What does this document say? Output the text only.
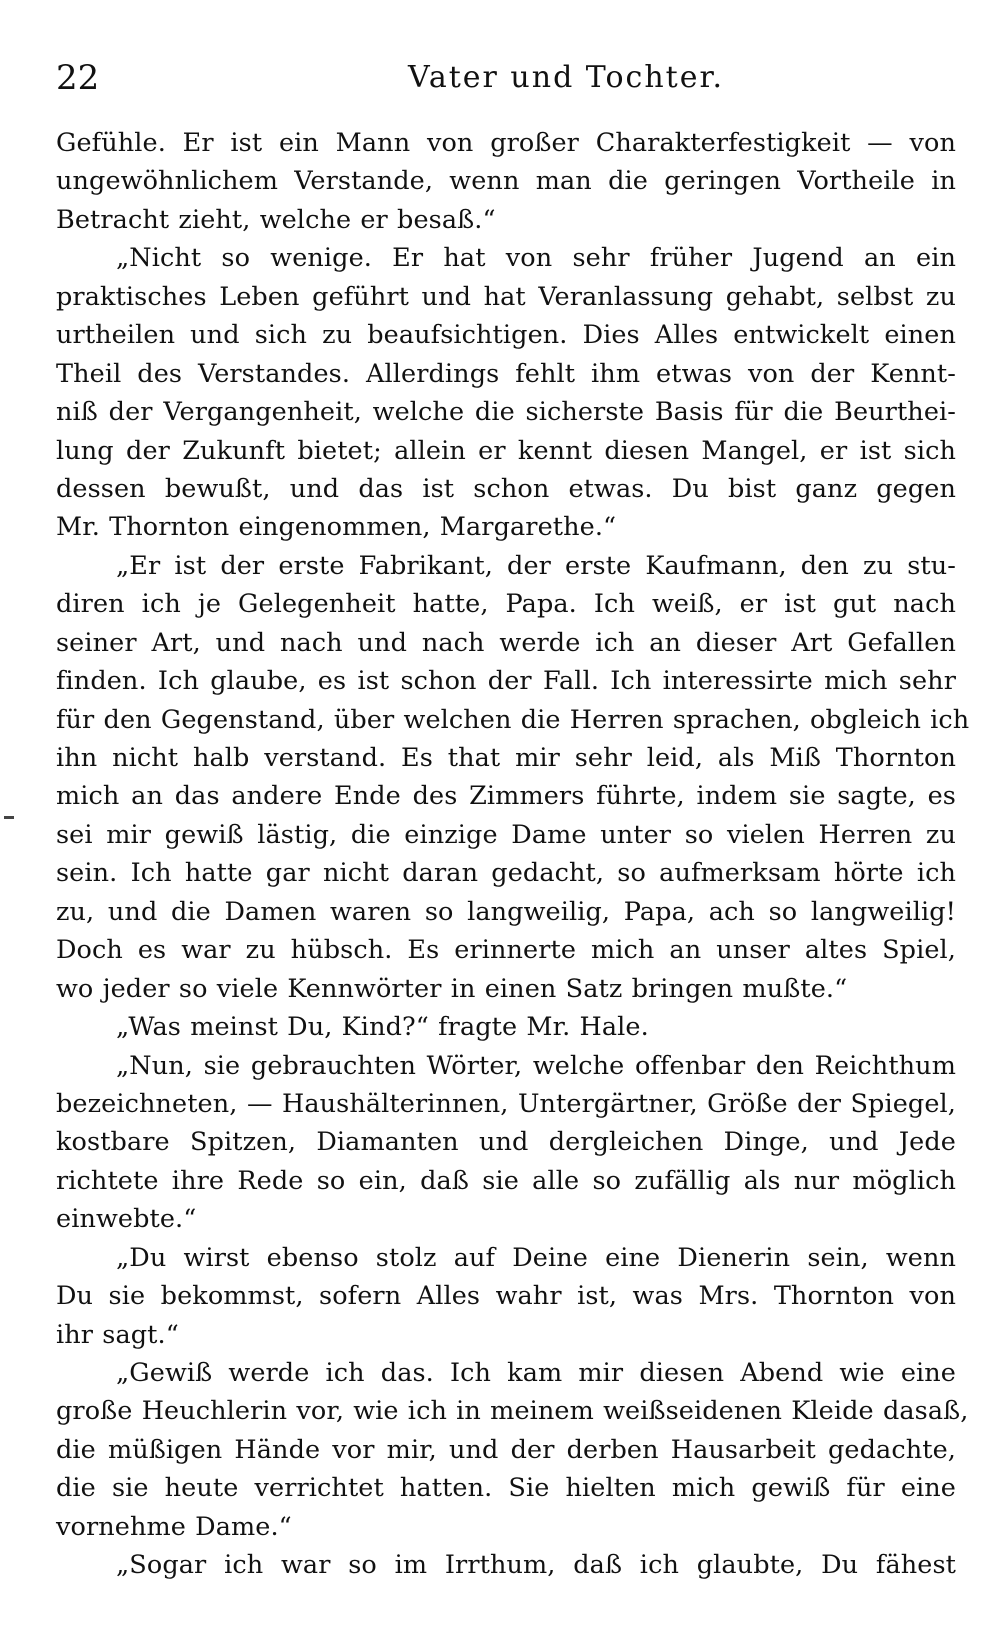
22	Vater und Tochter.
Gefühle. Er ist ein Mann von großer Charakterfestigkeit — von
ungewöhnlichem Verstande, wenn man die geringen Vortheile in
Betracht zieht, welche er besaß.“
„Nicht so wenige. Er hat von sehr früher Jugend an ein
praktisches Leben geführt und hat Veranlassung gehabt, selbst zu
urtheilen und sich zu beaufsichtigen. Dies Alles entwickelt einen
Theil des Verstandes. Allerdings fehlt ihm etwas von der Kennt-
niß der Vergangenheit, welche die sicherste Basis für die Beurthei-
lung der Zukunft bietet; allein er kennt diesen Mangel, er ist sich
dessen bewußt, und das ist schon etwas. Du bist ganz gegen
Mr. Thornton eingenommen, Margarethe.“
„Er ist der erste Fabrikant, der erste Kaufmann, den zu stu-
diren ich je Gelegenheit hatte, Papa. Ich weiß, er ist gut nach
seiner Art, und nach und nach werde ich an dieser Art Gefallen
finden. Ich glaube, es ist schon der Fall. Ich interessirte mich sehr
für den Gegenstand, über welchen die Herren sprachen, obgleich ich
ihn nicht halb verstand. Es that mir sehr leid, als Miß Thornton
mich an das andere Ende des Zimmers führte, indem sie sagte, es
sei mir gewiß lästig, die einzige Dame unter so vielen Herren zu
sein. Ich hatte gar nicht daran gedacht, so aufmerksam hörte ich
zu, und die Damen waren so langweilig, Papa, ach so langweilig!
Doch es war zu hübsch. Es erinnerte mich an unser altes Spiel,
wo jeder so viele Kennwörter in einen Satz bringen mußte.“
„Was meinst Du, Kind?“ fragte Mr. Hale.
„Nun, sie gebrauchten Wörter, welche offenbar den Reichthum
bezeichneten, — Haushälterinnen, Untergärtner, Größe der Spiegel,
kostbare Spitzen, Diamanten und dergleichen Dinge, und Jede
richtete ihre Rede so ein, daß sie alle so zufällig als nur möglich
einwebte.“
„Du wirst ebenso stolz auf Deine eine Dienerin sein, wenn
Du sie bekommst, sofern Alles wahr ist, was Mrs. Thornton von
ihr sagt.“
„Gewiß werde ich das. Ich kam mir diesen Abend wie eine
große Heuchlerin vor, wie ich in meinem weißseidenen Kleide dasaß,
die müßigen Hände vor mir, und der derben Hausarbeit gedachte,
die sie heute verrichtet hatten. Sie hielten mich gewiß für eine
vornehme Dame.“
„Sogar ich war so im Irrthum, daß ich glaubte, Du fähest
